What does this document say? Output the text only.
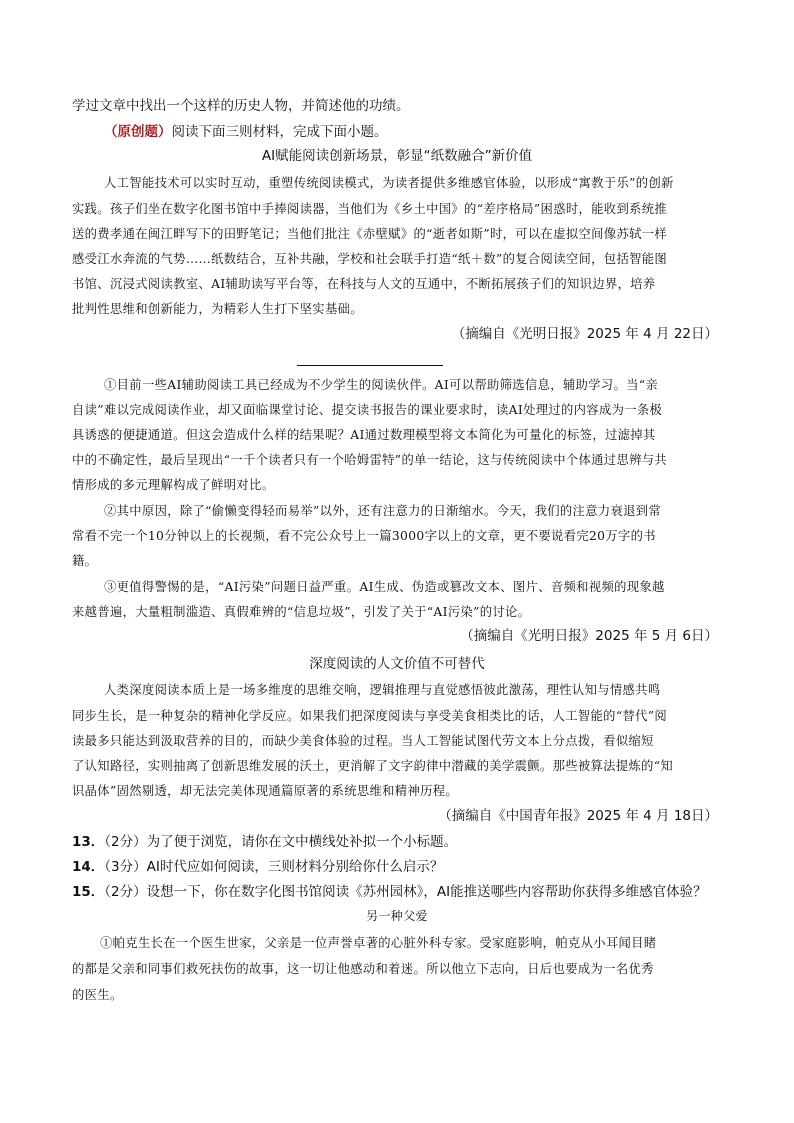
学过文章中找出一个这样的历史人物，并简述他的功绩。
（原创题）阅读下面三则材料，完成下面小题。
AI赋能阅读创新场景，彰显“纸数融合”新价值
人工智能技术可以实时互动，重塑传统阅读模式，为读者提供多维感官体验，以形成“寓教于乐”的创新
实践。孩子们坐在数字化图书馆中手捧阅读器，当他们为《乡土中国》的“差序格局”困惑时，能收到系统推
送的费孝通在闽江畔写下的田野笔记；当他们批注《赤壁赋》的“逝者如斯”时，可以在虚拟空间像苏轼一样
感受江水奔流的气势……纸数结合，互补共融，学校和社会联手打造“纸＋数”的复合阅读空间，包括智能图
书馆、沉浸式阅读教室、AI辅助读写平台等，在科技与人文的互通中，不断拓展孩子们的知识边界，培养
批判性思维和创新能力，为精彩人生打下坚实基础。
（摘编自《光明日报》2025 年 4 月 22日）
①目前一些AI辅助阅读工具已经成为不少学生的阅读伙伴。AI可以帮助筛选信息，辅助学习。当“亲
自读”难以完成阅读作业，却又面临课堂讨论、提交读书报告的课业要求时，读AI处理过的内容成为一条极
具诱惑的便捷通道。但这会造成什么样的结果呢？AI通过数理模型将文本简化为可量化的标签，过滤掉其
中的不确定性，最后呈现出“一千个读者只有一个哈姆雷特”的单一结论，这与传统阅读中个体通过思辨与共
情形成的多元理解构成了鲜明对比。
②其中原因，除了“偷懒变得轻而易举”以外，还有注意力的日渐缩水。今天，我们的注意力衰退到常
常看不完一个10分钟以上的长视频，看不完公众号上一篇3000字以上的文章，更不要说看完20万字的书
籍。
③更值得警惕的是，“AI污染”问题日益严重。AI生成、伪造或篡改文本、图片、音频和视频的现象越
来越普遍，大量粗制滥造、真假难辨的“信息垃圾”，引发了关于“AI污染”的讨论。
（摘编自《光明日报》2025 年 5 月 6日）
深度阅读的人文价值不可替代
人类深度阅读本质上是一场多维度的思维交响，逻辑推理与直觉感悟彼此激荡，理性认知与情感共鸣
同步生长，是一种复杂的精神化学反应。如果我们把深度阅读与享受美食相类比的话，人工智能的“替代”阅
读最多只能达到汲取营养的目的，而缺少美食体验的过程。当人工智能试图代劳文本上分点拨，看似缩短
了认知路径，实则抽离了创新思维发展的沃土，更消解了文字韵律中潜藏的美学震颤。那些被算法提炼的“知
识晶体”固然剔透，却无法完美体现通篇原著的系统思维和精神历程。
（摘编自《中国青年报》2025 年 4 月 18日）
13．（2分）为了便于浏览，请你在文中横线处补拟一个小标题。
14．（3分）AI时代应如何阅读，三则材料分别给你什么启示？
15．（2分）设想一下，你在数字化图书馆阅读《苏州园林》，AI能推送哪些内容帮助你获得多维感官体验？
另一种父爱
①帕克生长在一个医生世家，父亲是一位声誉卓著的心脏外科专家。受家庭影响，帕克从小耳闻目睹
的都是父亲和同事们救死扶伤的故事，这一切让他感动和着迷。所以他立下志向，日后也要成为一名优秀
的医生。
